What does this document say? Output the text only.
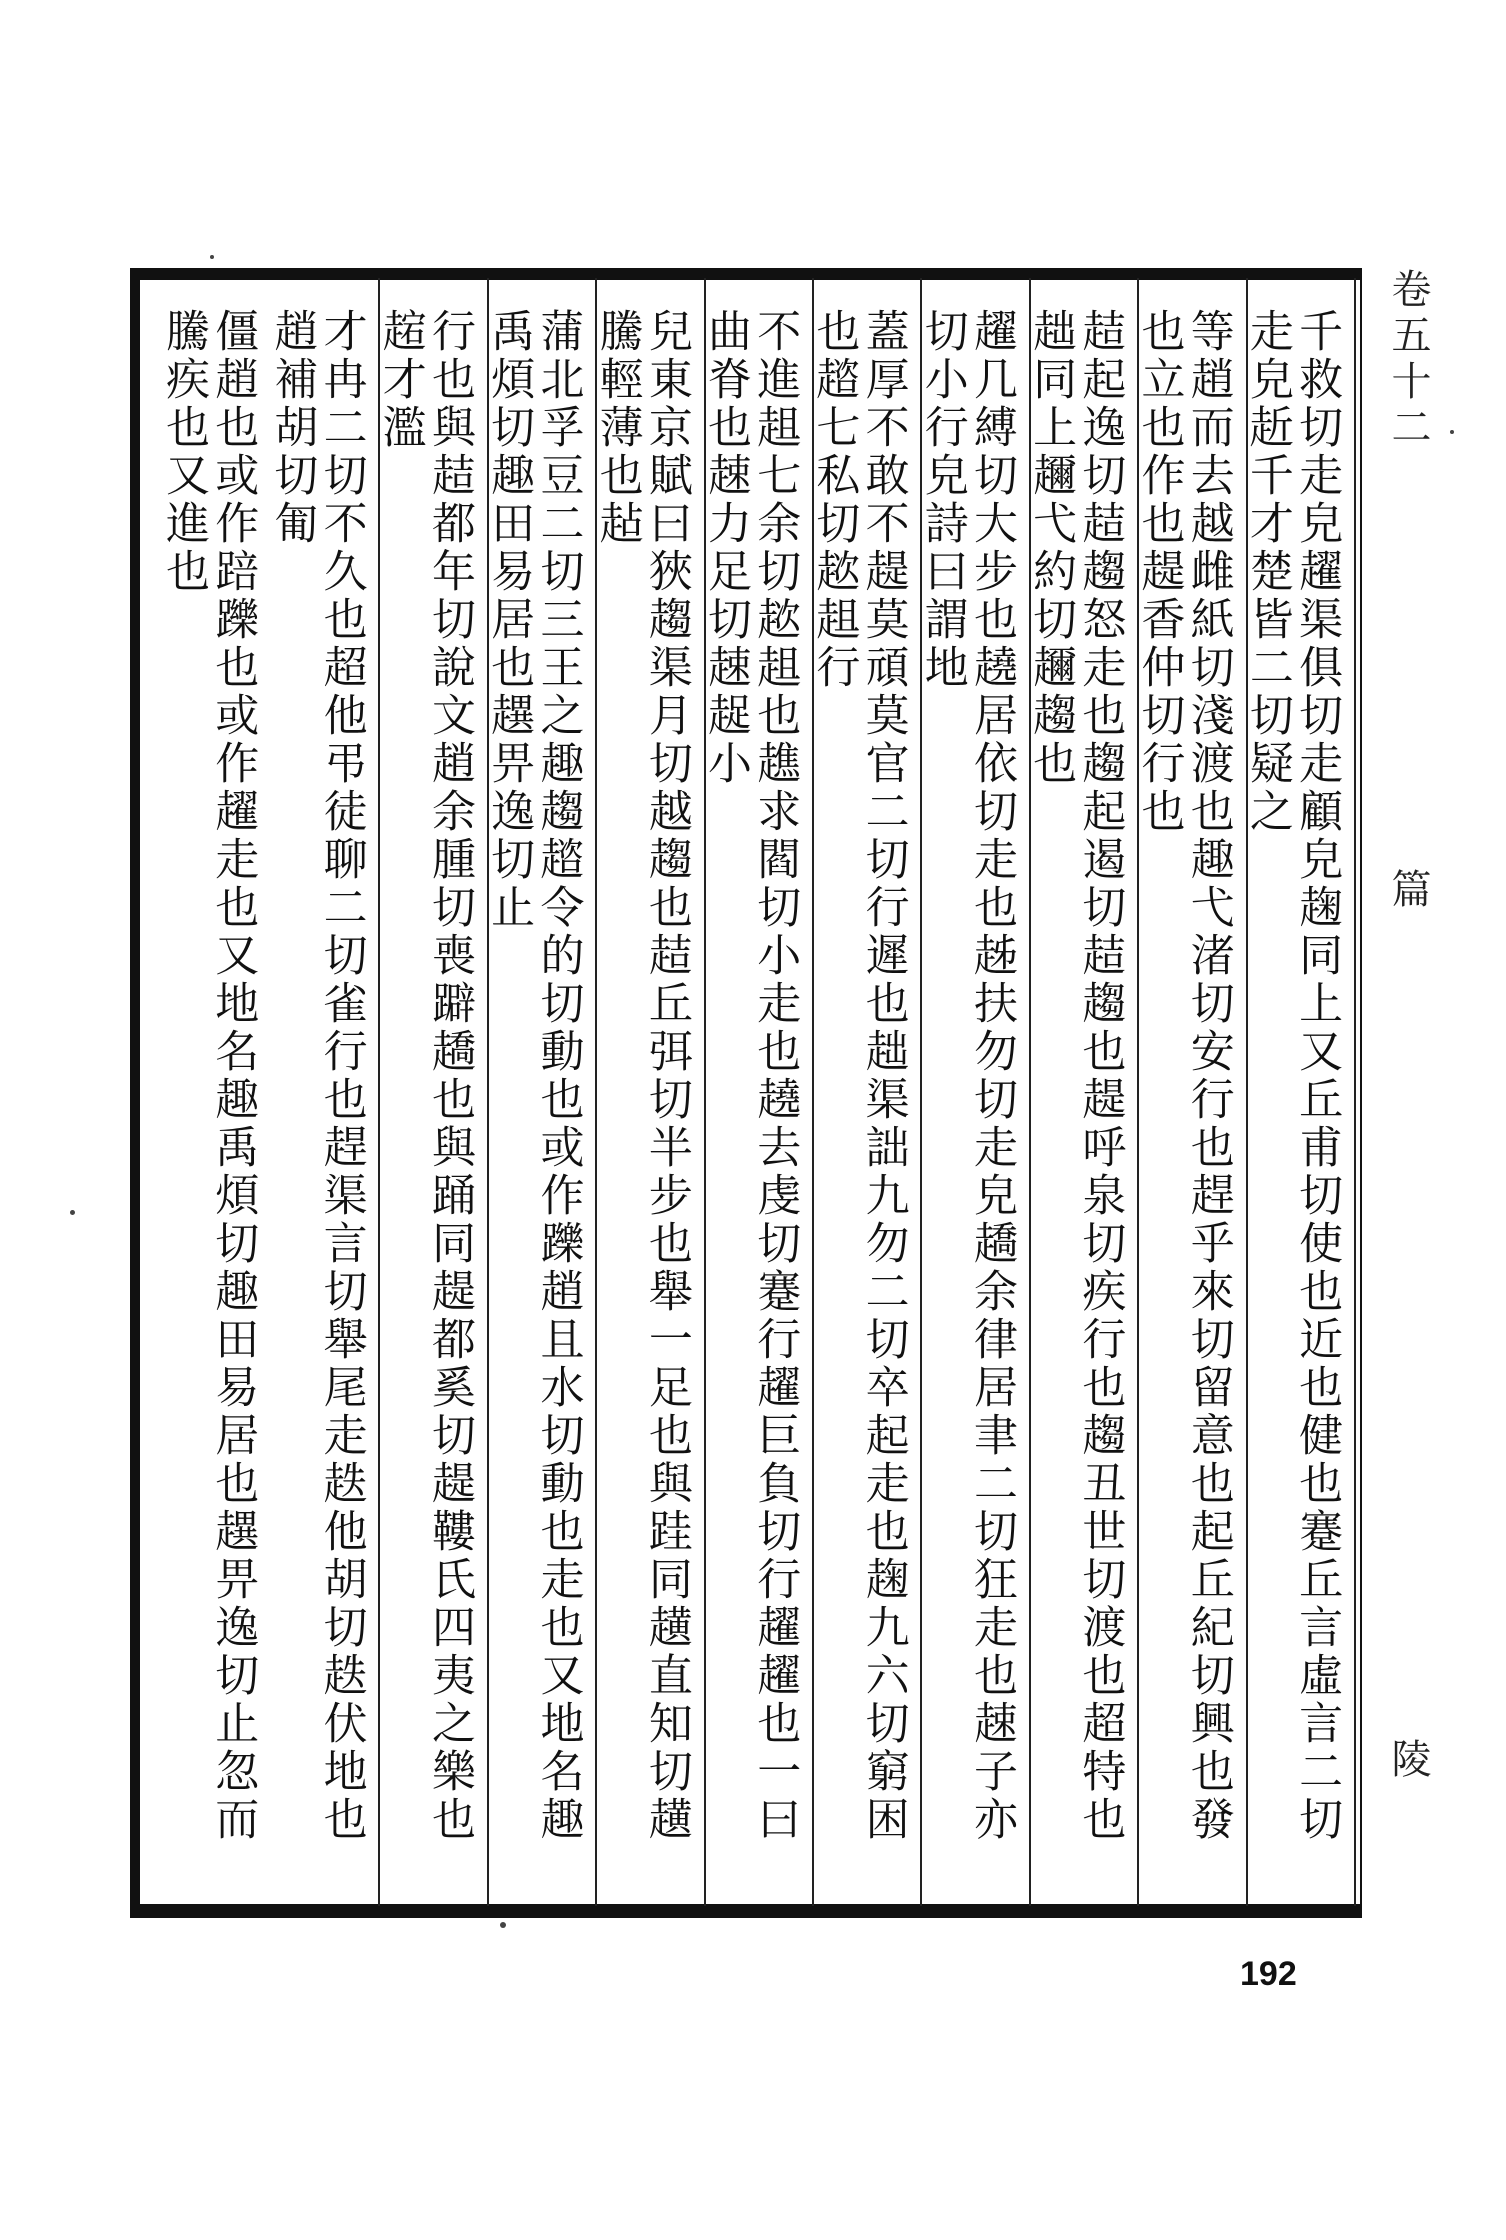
千救切走皃趯渠俱切走顧皃趜同上又丘甫切使也近也健也蹇丘言虛言二切走皃赾千才楚皆二切疑之
等趙而去越雌紙切淺渡也趣弋渚切安行也趕乎來切留意也起丘紀切興也發也立也作也趧香仲切行也
趌起逸切趌趨怒走也趨起遏切趌趨也趧呼泉切疾行也趨丑世切渡也超特也趉同上趰弋約切趰趨也
趯几縛切大步也趬居依切走也趀扶勿切走皃趫余律居聿二切狂走也趚子亦切小行皃詩曰謂地
蓋厚不敢不趧莫頑莫官二切行遲也趉渠詘九勿二切卒起走也趜九六切窮困也趦七私切趑趄行
不進趄七余切趑趄也趭求閻切小走也趬去虔切蹇行趯巨負切行趯趯也一曰曲脊也趚力足切趚趗小
兒東京賦曰狹趨渠月切越趨也趌丘弭切半步也舉一足也與跬同趪直知切趪騰輕薄也趈
蒲北孚豆二切三王之趣趨趦令的切動也或作躒趙且水切動也走也又地名趣禹煩切趣田易居也趩畀逸切止
行也與趌都年切說文趙余腫切喪躃趫也與踊同趧都奚切趧鞻氏四夷之樂也趤才濫
才冉二切不久也超他弔徒聊二切雀行也趕渠言切舉尾走趃他胡切趃伏地也趙補胡切匍
僵趙也或作踣躒也或作趯走也又地名趣禹煩切趣田易居也趩畀逸切止忽而騰疾也又進也	卷五十二
篇
陵
192
